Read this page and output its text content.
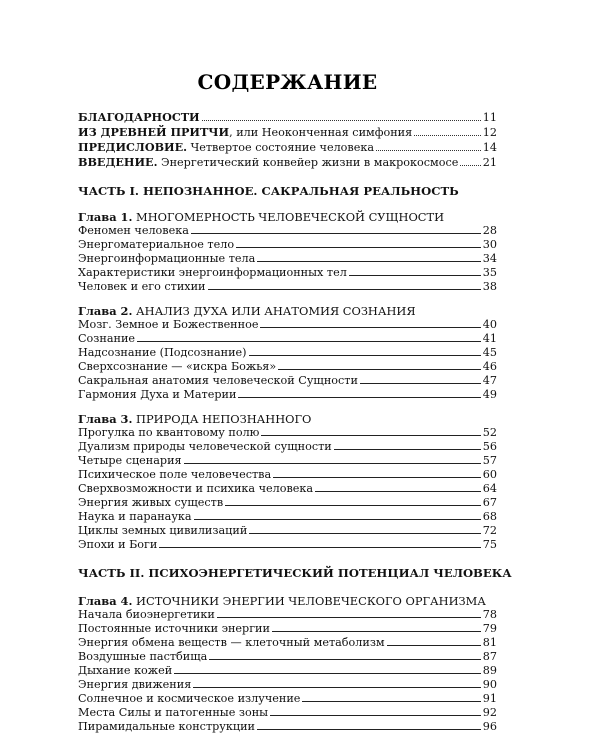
СОДЕРЖАНИЕ
БЛАГОДАРНОСТИ	11
ИЗ ДРЕВНЕЙ ПРИТЧИ, или Неоконченная симфония	12
ПРЕДИСЛОВИЕ. Четвертое состояние человека	14
ВВЕДЕНИЕ. Энергетический конвейер жизни в макрокосмосе 21

ЧАСТЬ I. НЕПОЗНАННОЕ. САКРАЛЬНАЯ РЕАЛЬНОСТЬ

Глава 1. МНОГОМЕРНОСТЬ ЧЕЛОВЕЧЕСКОЙ СУЩНОСТИ

Феномен человека	28
Энергоматериальное тело	30
Энергоинформационные тела	34
Характеристики энергоинформационных тел	35
Человек и его стихии	38

Глава 2. АНАЛИЗ ДУХА ИЛИ АНАТОМИЯ СОЗНАНИЯ

Мозг. Земное и Божественное	40
Сознание	41
Надсознание (Подсознание)	45
Сверхсознание — «искра Божья»	46
Сакральная анатомия человеческой Сущности	47
Гармония Духа и Материи	49

Глава 3. ПРИРОДА НЕПОЗНАННОГО

Прогулка по квантовому полю	52
Дуализм природы человеческой сущности	56
Четыре сценария	57
Психическое поле человечества	60
Сверхвозможности и психика человека	64
Энергия живых существ	67
Наука и паранаука	68
Циклы земных цивилизаций	72
Эпохи и Боги	75

ЧАСТЬ II. ПСИХОЭНЕРГЕТИЧЕСКИЙ ПОТЕНЦИАЛ ЧЕЛОВЕКА

Глава 4. ИСТОЧНИКИ ЭНЕРГИИ ЧЕЛОВЕЧЕСКОГО ОРГАНИЗМА

Начала биоэнергетики	78
Постоянные источники энергии	79
Энергия обмена веществ — клеточный метаболизм	81
Воздушные пастбища	87
Дыхание кожей	89
Энергия движения	90
Солнечное и космическое излучение	91
Места Силы и патогенные зоны	92
Пирамидальные конструкции	96
